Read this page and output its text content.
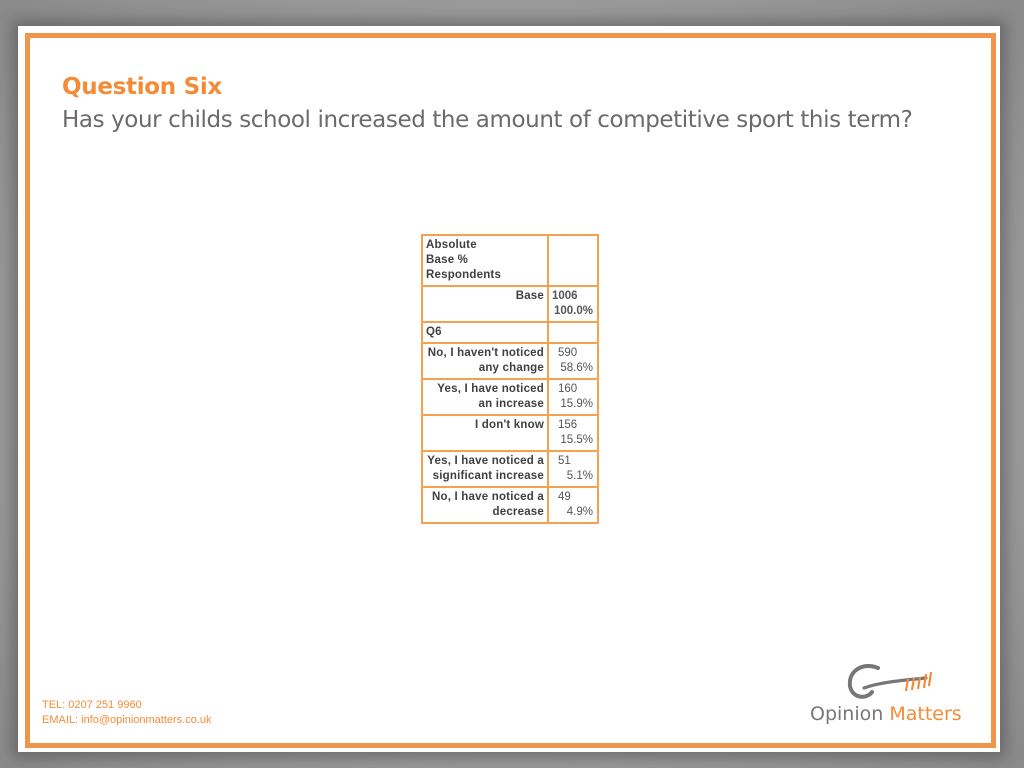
Question Six
Has your childs school increased the amount of competitive sport this term?
Absolute
Base %
Respondents	

Base	1006
100.0%

Q6	
No, I haven't noticed any change	590
58.6%

Yes, I have noticed an increase	160
15.9%

I don't know	156
15.5%

Yes, I have noticed a significant increase	51
5.1%

No, I have noticed a decrease	49
4.9%
TEL: 0207 251 9960
EMAIL: info@opinionmatters.co.uk	Opinion Matters
